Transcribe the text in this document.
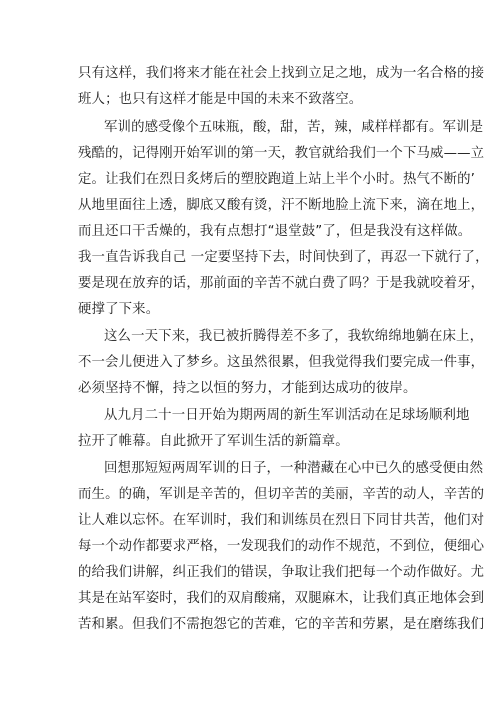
只有这样，我们将来才能在社会上找到立足之地，成为一名合格的接
班人；也只有这样才能是中国的未来不致落空。
军训的感受像个五味瓶，酸，甜，苦，辣，咸样样都有。军训是
残酷的，记得刚开始军训的第一天，教官就给我们一个下马威——立
定。让我们在烈日炙烤后的塑胶跑道上站上半个小时。热气不断的’
从地里面往上透，脚底又酸有烫，汗不断地脸上流下来，滴在地上，
而且还口干舌燥的，我有点想打“退堂鼓”了，但是我没有这样做。
我一直告诉我自己 一定要坚持下去，时间快到了，再忍一下就行了，
要是现在放弃的话，那前面的辛苦不就白费了吗？于是我就咬着牙，
硬撑了下来。
这么一天下来，我已被折腾得差不多了，我软绵绵地躺在床上，
不一会儿便进入了梦乡。这虽然很累，但我觉得我们要完成一件事，
必须坚持不懈，持之以恒的努力，才能到达成功的彼岸。
从九月二十一日开始为期两周的新生军训活动在足球场顺利地
拉开了帷幕。自此掀开了军训生活的新篇章。
回想那短短两周军训的日子，一种潜藏在心中已久的感受便由然
而生。的确，军训是辛苦的，但切辛苦的美丽，辛苦的动人，辛苦的
让人难以忘怀。在军训时，我们和训练员在烈日下同甘共苦，他们对
每一个动作都要求严格，一发现我们的动作不规范，不到位，便细心
的给我们讲解，纠正我们的错误，争取让我们把每一个动作做好。尤
其是在站军姿时，我们的双肩酸痛，双腿麻木，让我们真正地体会到
苦和累。但我们不需抱怨它的苦难，它的辛苦和劳累，是在磨练我们
